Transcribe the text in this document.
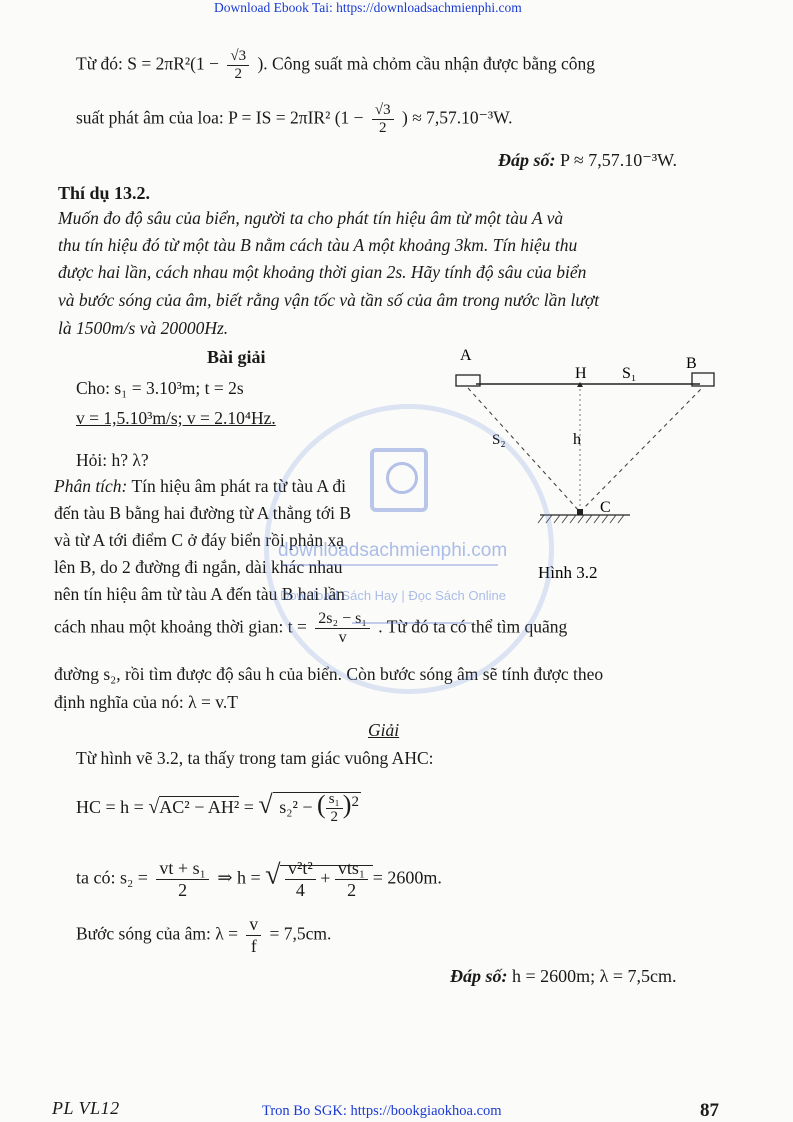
Download Ebook Tai: https://downloadsachmienphi.com
Từ đó: $S = 2\pi R^2(1 - \frac{√3}{2}$ ). Công suất mà chỏm cầu nhận được bằng công
suất phát âm của loa: P = IS = 2πIR² ($1 - \frac{√3}{2}$ ) ≈ 7,57.10⁻³W.
Đáp số: P ≈ 7,57.10⁻³W.
Thí dụ 13.2.
Muốn đo độ sâu của biển, người ta cho phát tín hiệu âm từ một tàu A và
thu tín hiệu đó từ một tàu B nằm cách tàu A một khoảng 3km. Tín hiệu thu
được hai lần, cách nhau một khoảng thời gian 2s. Hãy tính độ sâu của biển
và bước sóng của âm, biết rằng vận tốc và tần số của âm trong nước lần lượt
là 1500m/s và 20000Hz.
Bài giải
Cho: s₁ = 3.10³m; t = 2s
v = 1,5.10³m/s; v = 2.10⁴Hz.
Hỏi: h? λ?
Phân tích: Tín hiệu âm phát ra từ tàu A đi
đến tàu B bằng hai đường từ A thẳng tới B
và từ A tới điểm C ở đáy biển rồi phản xạ
lên B, do 2 đường đi ngắn, dài khác nhau
nên tín hiệu âm từ tàu A đến tàu B hai lần
cách nhau một khoảng thời gian: $t = \frac{\text{2s₂ − s₁}}{v}$ . Từ đó ta có thể tìm quãng
đường s₂, rồi tìm được độ sâu h của biển. Còn bước sóng âm sẽ tính được theo
định nghĩa của nó: λ = v.T
Giải
Từ hình vẽ 3.2, ta thấy trong tam giác vuông AHC:
HC = h = √AC² − AH² = √ s₂² − ( $\frac{\text{s₁}}{2} )^2$
ta có: $s_2 = \frac{\text{vt + s₁}}{2}$ ⇒ h = √ $\frac{\text{v²t²}}{4} + \frac{\text{vts₁}}{2} = 2600m$.
Bước sóng của âm: $\lambda = \frac{v}{f} = 7,5cm$.
Đáp số: h = 2600m; λ = 7,5cm.
A	B
H S₁
S₂	h
C
Hình 3.2
downloadsachmienphi.com
Download Sách Hay | Đọc Sách Online
PL VL12	Tron Bo SGK: https://bookgiaokhoa.com	87
